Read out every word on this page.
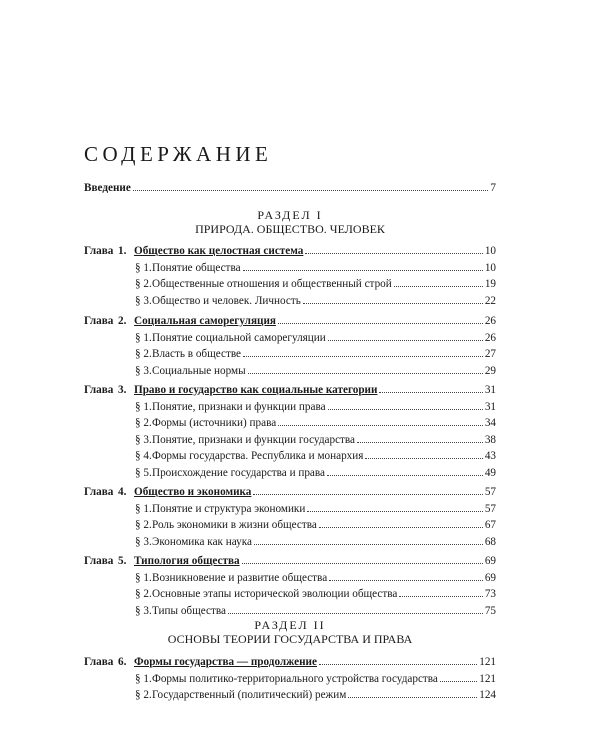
СОДЕРЖАНИЕ
Введение	7
РАЗДЕЛ I
ПРИРОДА. ОБЩЕСТВО. ЧЕЛОВЕК
Глава 1. Общество как целостная система	10
§ 1. Понятие общества	10
§ 2. Общественные отношения и общественный строй	19
§ 3. Общество и человек. Личность	22
Глава 2. Социальная саморегуляция	26
§ 1. Понятие социальной саморегуляции	26
§ 2. Власть в обществе	27
§ 3. Социальные нормы	29
Глава 3. Право и государство как социальные категории	31
§ 1. Понятие, признаки и функции права	31
§ 2. Формы (источники) права	34
§ 3. Понятие, признаки и функции государства	38
§ 4. Формы государства. Республика и монархия	43
§ 5. Происхождение государства и права	49
Глава 4. Общество и экономика	57
§ 1. Понятие и структура экономики	57
§ 2. Роль экономики в жизни общества	67
§ 3. Экономика как наука	68
Глава 5. Типология общества	69
§ 1. Возникновение и развитие общества	69
§ 2. Основные этапы исторической эволюции общества	73
§ 3. Типы общества	75
РАЗДЕЛ II
ОСНОВЫ ТЕОРИИ ГОСУДАРСТВА И ПРАВА
Глава 6. Формы государства — продолжение	121
§ 1. Формы политико-территориального устройства государства	121
§ 2. Государственный (политический) режим	124
